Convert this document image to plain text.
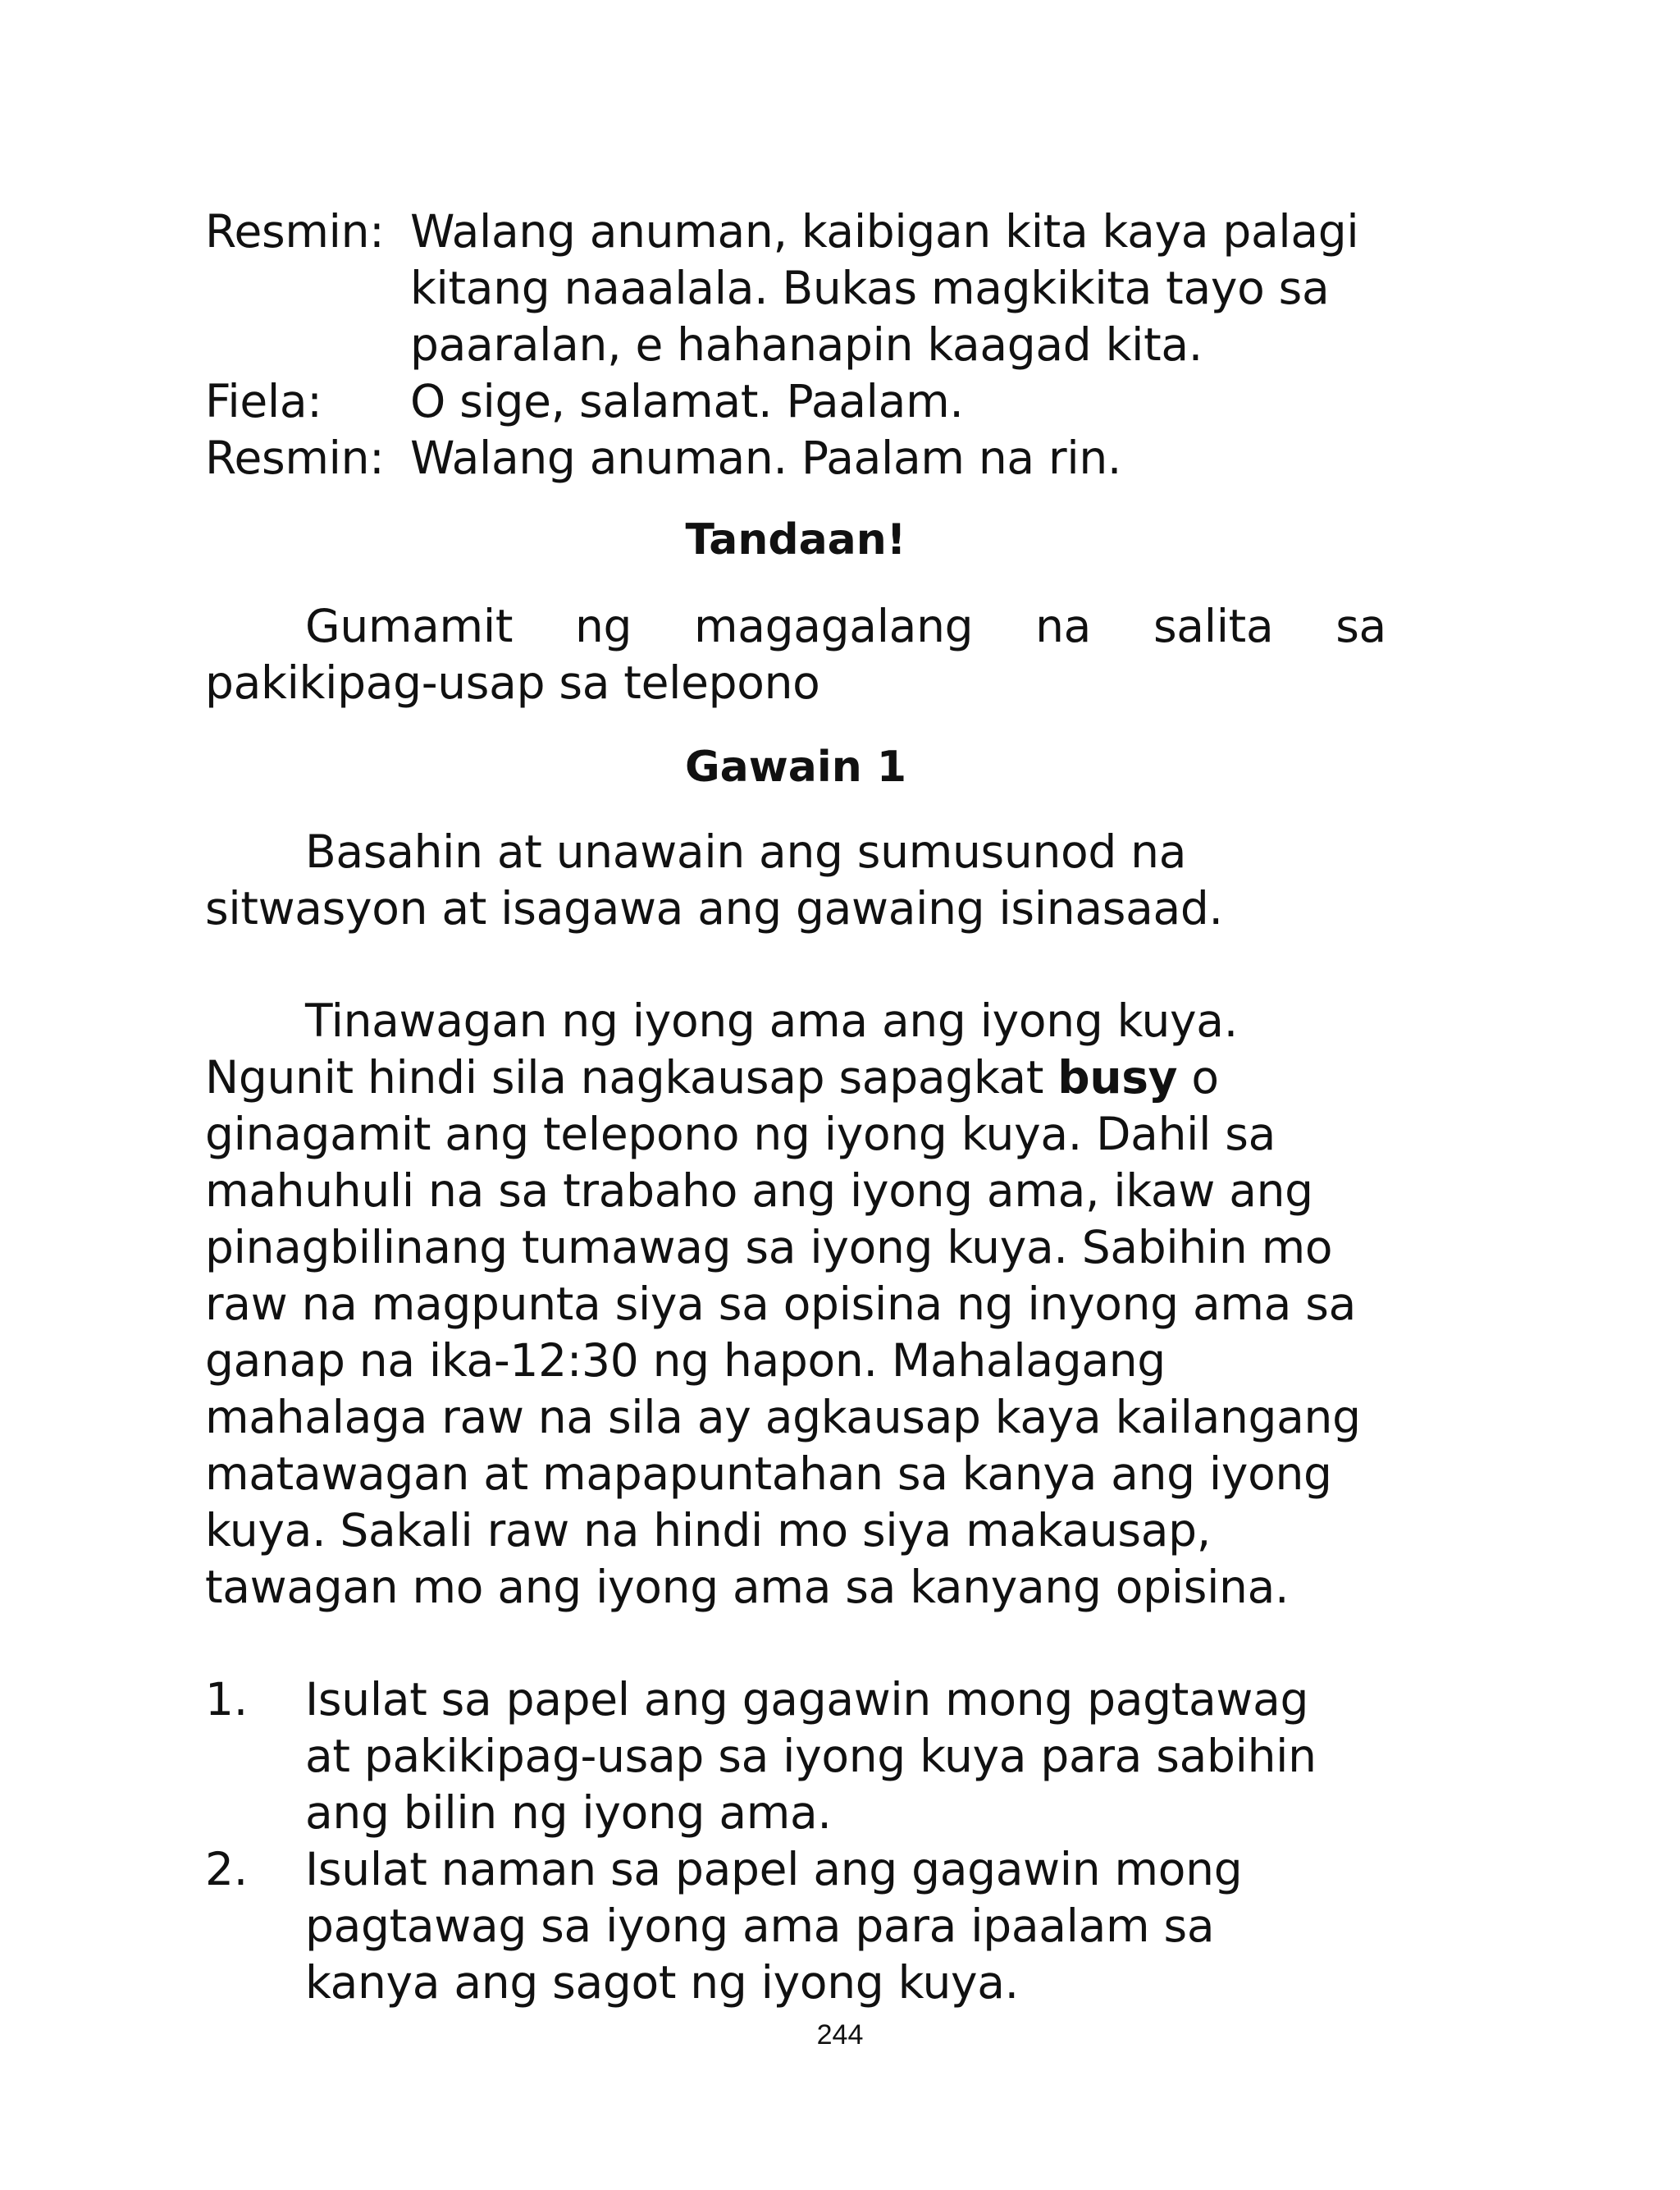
Resmin: Walang anuman, kaibigan kita kaya palagi
kitang naaalala. Bukas magkikita tayo sa
paaralan, e hahanapin kaagad kita.
Fiela:	O sige, salamat. Paalam.
Resmin: Walang anuman. Paalam na rin.
Tandaan!
Gumamit ng magagalang na salita sa
pakikipag-usap sa telepono
Gawain 1
Basahin at unawain ang sumusunod na
sitwasyon at isagawa ang gawaing isinasaad.
Tinawagan ng iyong ama ang iyong kuya.
Ngunit hindi sila nagkausap sapagkat busy o
ginagamit ang telepono ng iyong kuya. Dahil sa
mahuhuli na sa trabaho ang iyong ama, ikaw ang
pinagbilinang tumawag sa iyong kuya. Sabihin mo
raw na magpunta siya sa opisina ng inyong ama sa
ganap na ika-12:30 ng hapon. Mahalagang
mahalaga raw na sila ay agkausap kaya kailangang
matawagan at mapapuntahan sa kanya ang iyong
kuya. Sakali raw na hindi mo siya makausap,
tawagan mo ang iyong ama sa kanyang opisina.
1.	Isulat sa papel ang gagawin mong pagtawag
at pakikipag-usap sa iyong kuya para sabihin
ang bilin ng iyong ama.
2.	Isulat naman sa papel ang gagawin mong
pagtawag sa iyong ama para ipaalam sa
kanya ang sagot ng iyong kuya.
244
